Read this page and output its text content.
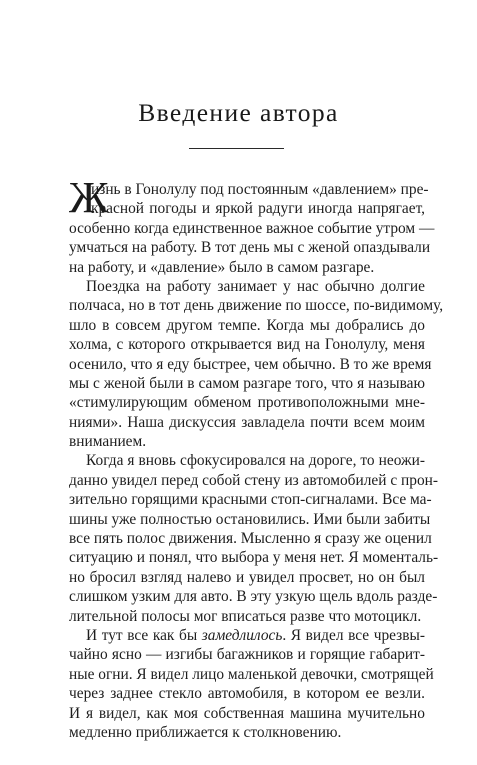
Введение автора
Ж
изнь в Гонолулу под постоянным «давлением» пре-
красной погоды и яркой радуги иногда напрягает,
особенно когда единственное важное событие утром —
умчаться на работу. В тот день мы с женой опаздывали
на работу, и «давление» было в самом разгаре.
Поездка на работу занимает у нас обычно долгие
полчаса, но в тот день движение по шоссе, по-видимому,
шло в совсем другом темпе. Когда мы добрались до
холма, с которого открывается вид на Гонолулу, меня
осенило, что я еду быстрее, чем обычно. В то же время
мы с женой были в самом разгаре того, что я называю
«стимулирующим обменом противоположными мне-
ниями». Наша дискуссия завладела почти всем моим
вниманием.
Когда я вновь сфокусировался на дороге, то неожи-
данно увидел перед собой стену из автомобилей с прон-
зительно горящими красными стоп-сигналами. Все ма-
шины уже полностью остановились. Ими были забиты
все пять полос движения. Мысленно я сразу же оценил
ситуацию и понял, что выбора у меня нет. Я моменталь-
но бросил взгляд налево и увидел просвет, но он был
слишком узким для авто. В эту узкую щель вдоль разде-
лительной полосы мог вписаться разве что мотоцикл.
И тут все как бы замедлилось. Я видел все чрезвы-
чайно ясно — изгибы багажников и горящие габарит-
ные огни. Я видел лицо маленькой девочки, смотрящей
через заднее стекло автомобиля, в котором ее везли.
И я видел, как моя собственная машина мучительно
медленно приближается к столкновению.
